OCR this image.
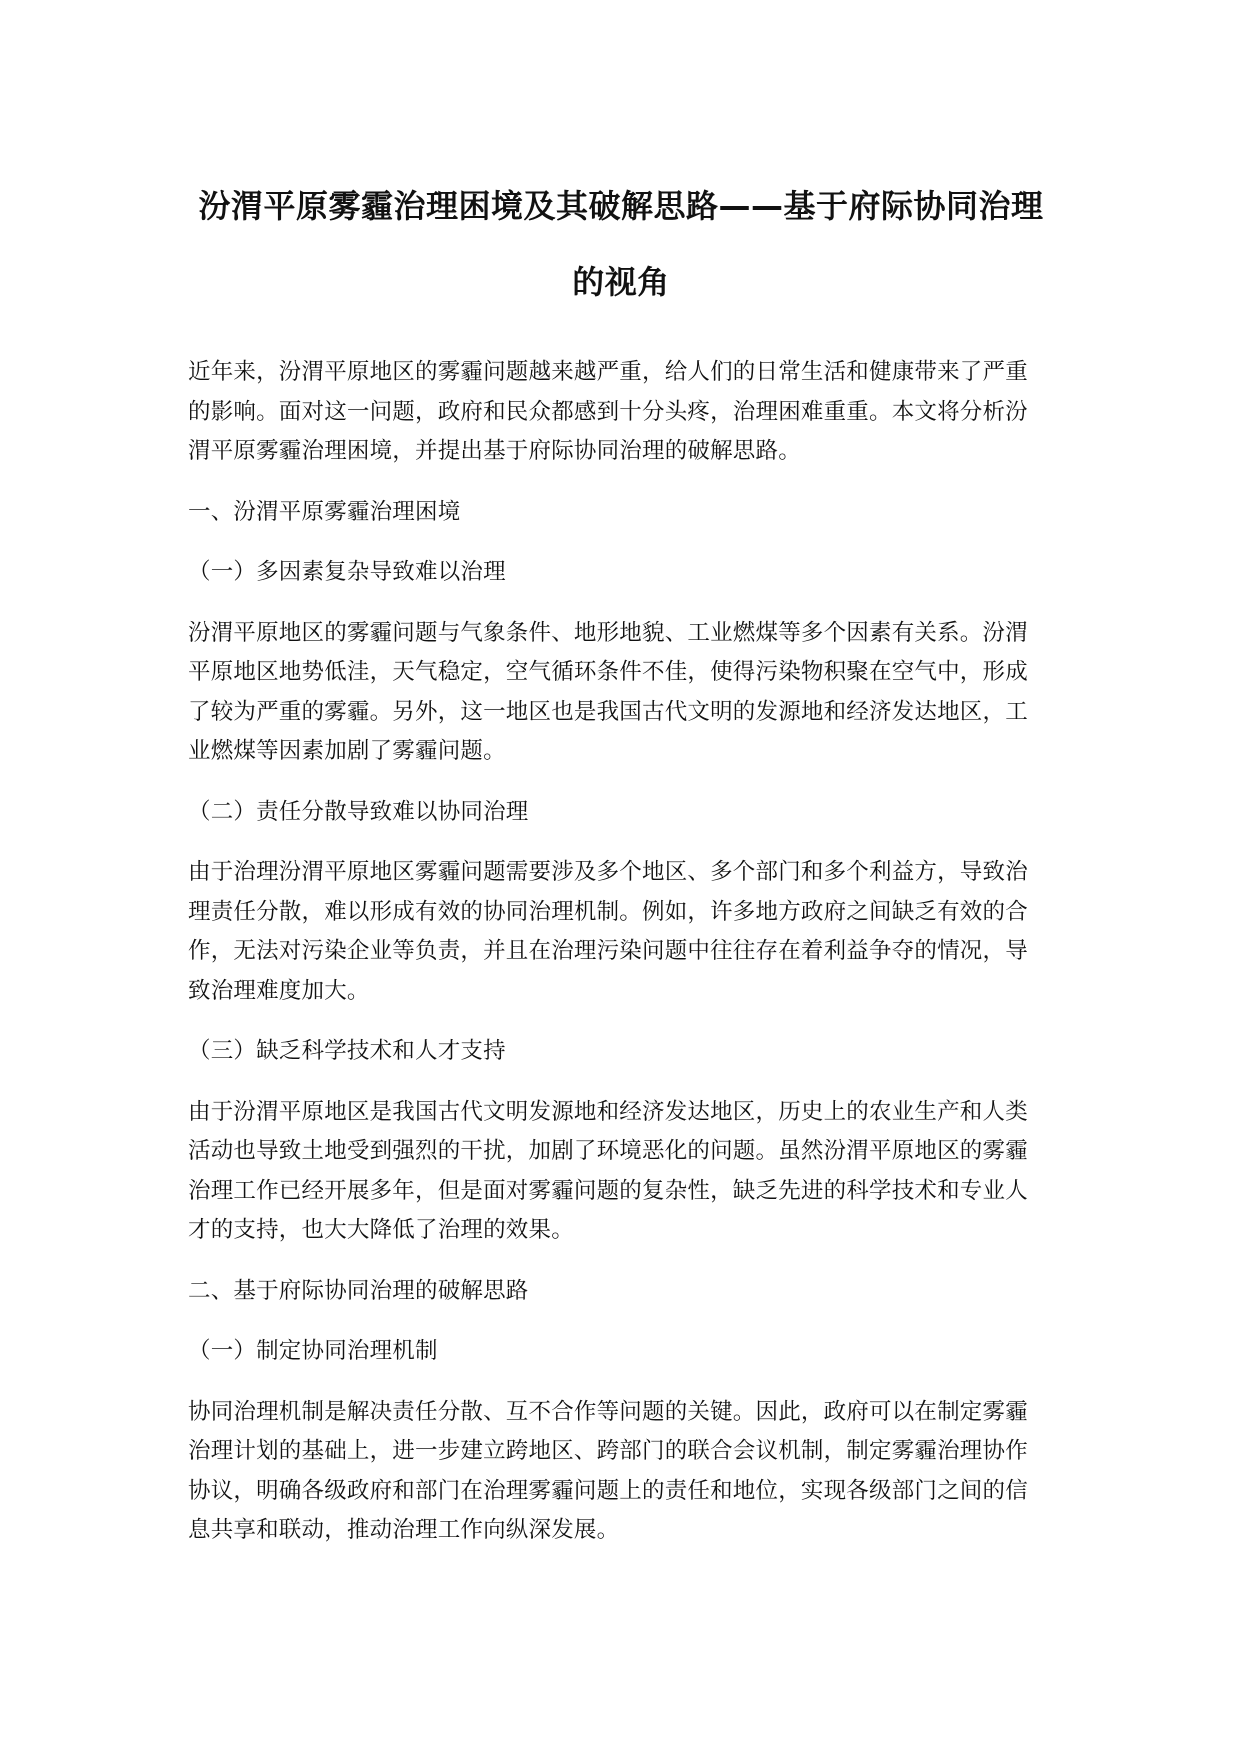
汾渭平原雾霾治理困境及其破解思路——基于府际协同治理的视角

近年来，汾渭平原地区的雾霾问题越来越严重，给人们的日常生活和健康带来了严重的影响。面对这一问题，政府和民众都感到十分头疼，治理困难重重。本文将分析汾渭平原雾霾治理困境，并提出基于府际协同治理的破解思路。

一、汾渭平原雾霾治理困境

（一）多因素复杂导致难以治理

汾渭平原地区的雾霾问题与气象条件、地形地貌、工业燃煤等多个因素有关系。汾渭平原地区地势低洼，天气稳定，空气循环条件不佳，使得污染物积聚在空气中，形成了较为严重的雾霾。另外，这一地区也是我国古代文明的发源地和经济发达地区，工业燃煤等因素加剧了雾霾问题。

（二）责任分散导致难以协同治理

由于治理汾渭平原地区雾霾问题需要涉及多个地区、多个部门和多个利益方，导致治理责任分散，难以形成有效的协同治理机制。例如，许多地方政府之间缺乏有效的合作，无法对污染企业等负责，并且在治理污染问题中往往存在着利益争夺的情况，导致治理难度加大。

（三）缺乏科学技术和人才支持

由于汾渭平原地区是我国古代文明发源地和经济发达地区，历史上的农业生产和人类活动也导致土地受到强烈的干扰，加剧了环境恶化的问题。虽然汾渭平原地区的雾霾治理工作已经开展多年，但是面对雾霾问题的复杂性，缺乏先进的科学技术和专业人才的支持，也大大降低了治理的效果。

二、基于府际协同治理的破解思路

（一）制定协同治理机制

协同治理机制是解决责任分散、互不合作等问题的关键。因此，政府可以在制定雾霾治理计划的基础上，进一步建立跨地区、跨部门的联合会议机制，制定雾霾治理协作协议，明确各级政府和部门在治理雾霾问题上的责任和地位，实现各级部门之间的信息共享和联动，推动治理工作向纵深发展。
